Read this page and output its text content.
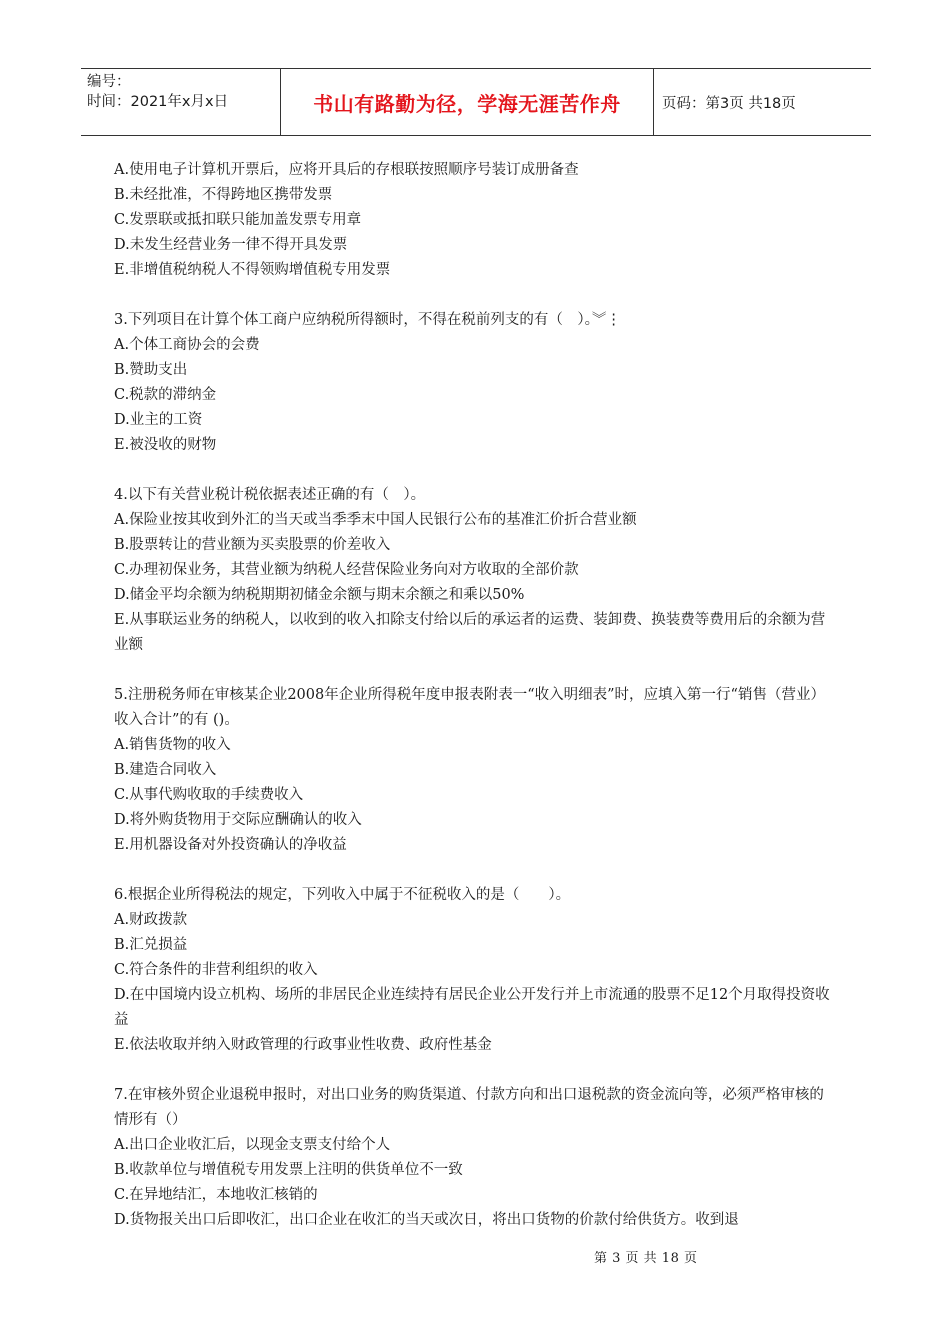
编号：
时间：2021年x月x日	书山有路勤为径，学海无涯苦作舟	页码：第3页 共18页
A.使用电子计算机开票后，应将开具后的存根联按照顺序号装订成册备查
B.未经批准，不得跨地区携带发票
C.发票联或抵扣联只能加盖发票专用章
D.未发生经营业务一律不得开具发票
E.非增值税纳税人不得领购增值税专用发票
3.下列项目在计算个体工商户应纳税所得额时，不得在税前列支的有（　）。︾⋮
A.个体工商协会的会费
B.赞助支出
C.税款的滞纳金
D.业主的工资
E.被没收的财物
4.以下有关营业税计税依据表述正确的有（　）。
A.保险业按其收到外汇的当天或当季季末中国人民银行公布的基准汇价折合营业额
B.股票转让的营业额为买卖股票的价差收入
C.办理初保业务，其营业额为纳税人经营保险业务向对方收取的全部价款
D.储金平均余额为纳税期期初储金余额与期末余额之和乘以50%
E.从事联运业务的纳税人，以收到的收入扣除支付给以后的承运者的运费、装卸费、换装费等费用后的余额为营业额
5.注册税务师在审核某企业2008年企业所得税年度申报表附表一“收入明细表”时，应填入第一行“销售（营业）收入合计”的有 ()。
A.销售货物的收入
B.建造合同收入
C.从事代购收取的手续费收入
D.将外购货物用于交际应酬确认的收入
E.用机器设备对外投资确认的净收益
6.根据企业所得税法的规定，下列收入中属于不征税收入的是（　　）。
A.财政拨款
B.汇兑损益
C.符合条件的非营利组织的收入
D.在中国境内设立机构、场所的非居民企业连续持有居民企业公开发行并上市流通的股票不足12个月取得投资收益
E.依法收取并纳入财政管理的行政事业性收费、政府性基金
7.在审核外贸企业退税申报时，对出口业务的购货渠道、付款方向和出口退税款的资金流向等，必须严格审核的情形有（）
A.出口企业收汇后，以现金支票支付给个人
B.收款单位与增值税专用发票上注明的供货单位不一致
C.在异地结汇，本地收汇核销的
D.货物报关出口后即收汇，出口企业在收汇的当天或次日，将出口货物的价款付给供货方。收到退
第 3 页 共 18 页
